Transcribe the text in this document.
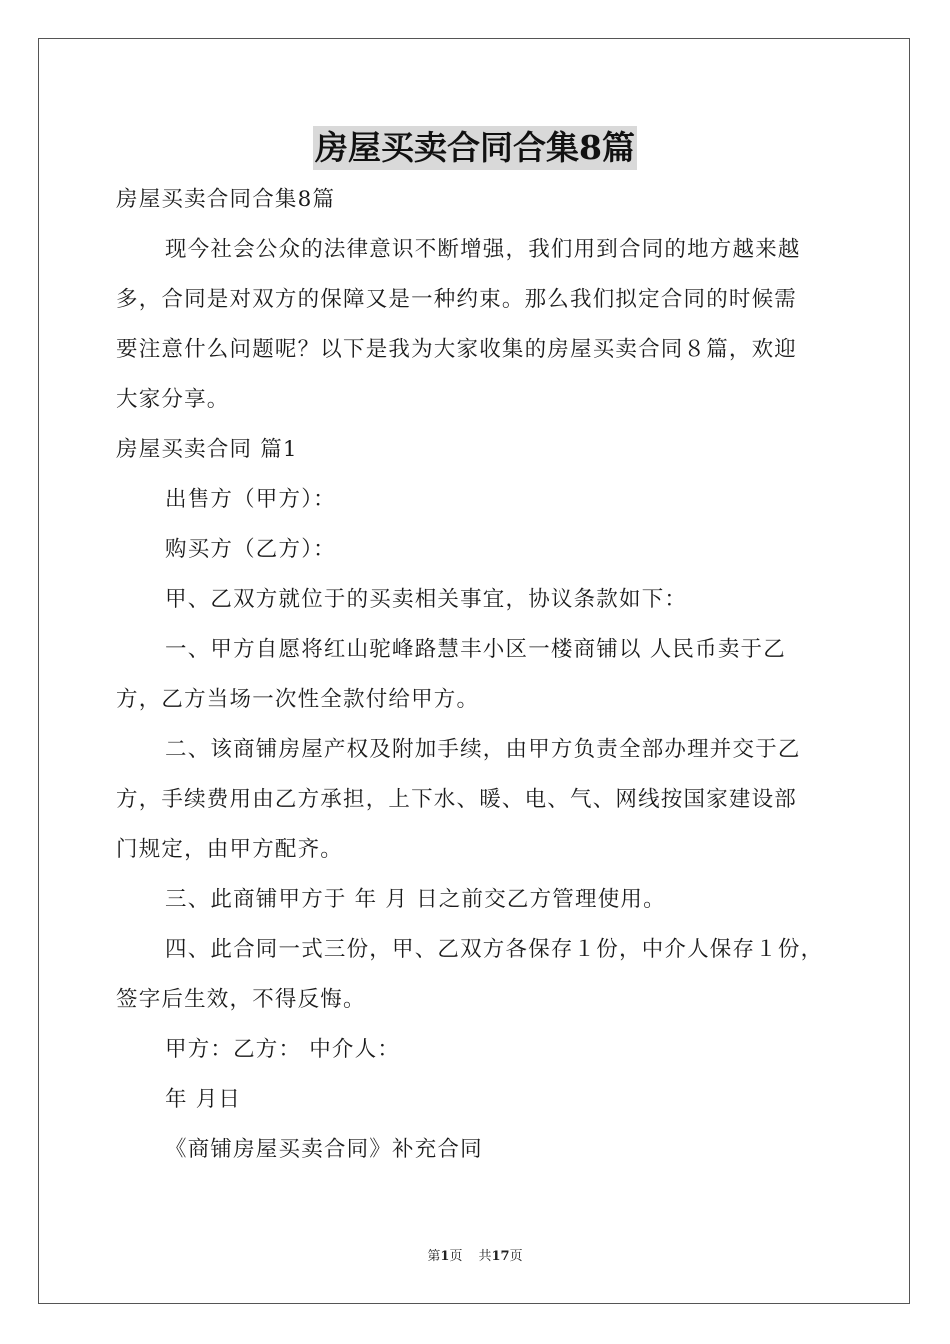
房屋买卖合同合集8篇
房屋买卖合同合集8篇
现今社会公众的法律意识不断增强，我们用到合同的地方越来越
多，合同是对双方的保障又是一种约束。那么我们拟定合同的时候需
要注意什么问题呢？以下是我为大家收集的房屋买卖合同８篇，欢迎
大家分享。
房屋买卖合同 篇1
出售方（甲方）：
购买方（乙方）：
甲、乙双方就位于的买卖相关事宜，协议条款如下：
一、甲方自愿将红山驼峰路慧丰小区一楼商铺以 人民币卖于乙
方，乙方当场一次性全款付给甲方。
二、该商铺房屋产权及附加手续，由甲方负责全部办理并交于乙
方，手续费用由乙方承担，上下水、暖、电、气、网线按国家建设部
门规定，由甲方配齐。
三、此商铺甲方于 年 月 日之前交乙方管理使用。
四、此合同一式三份，甲、乙双方各保存１份，中介人保存１份，
签字后生效，不得反悔。
甲方：乙方： 中介人：
年 月日
《商铺房屋买卖合同》补充合同
第1页 共17页
